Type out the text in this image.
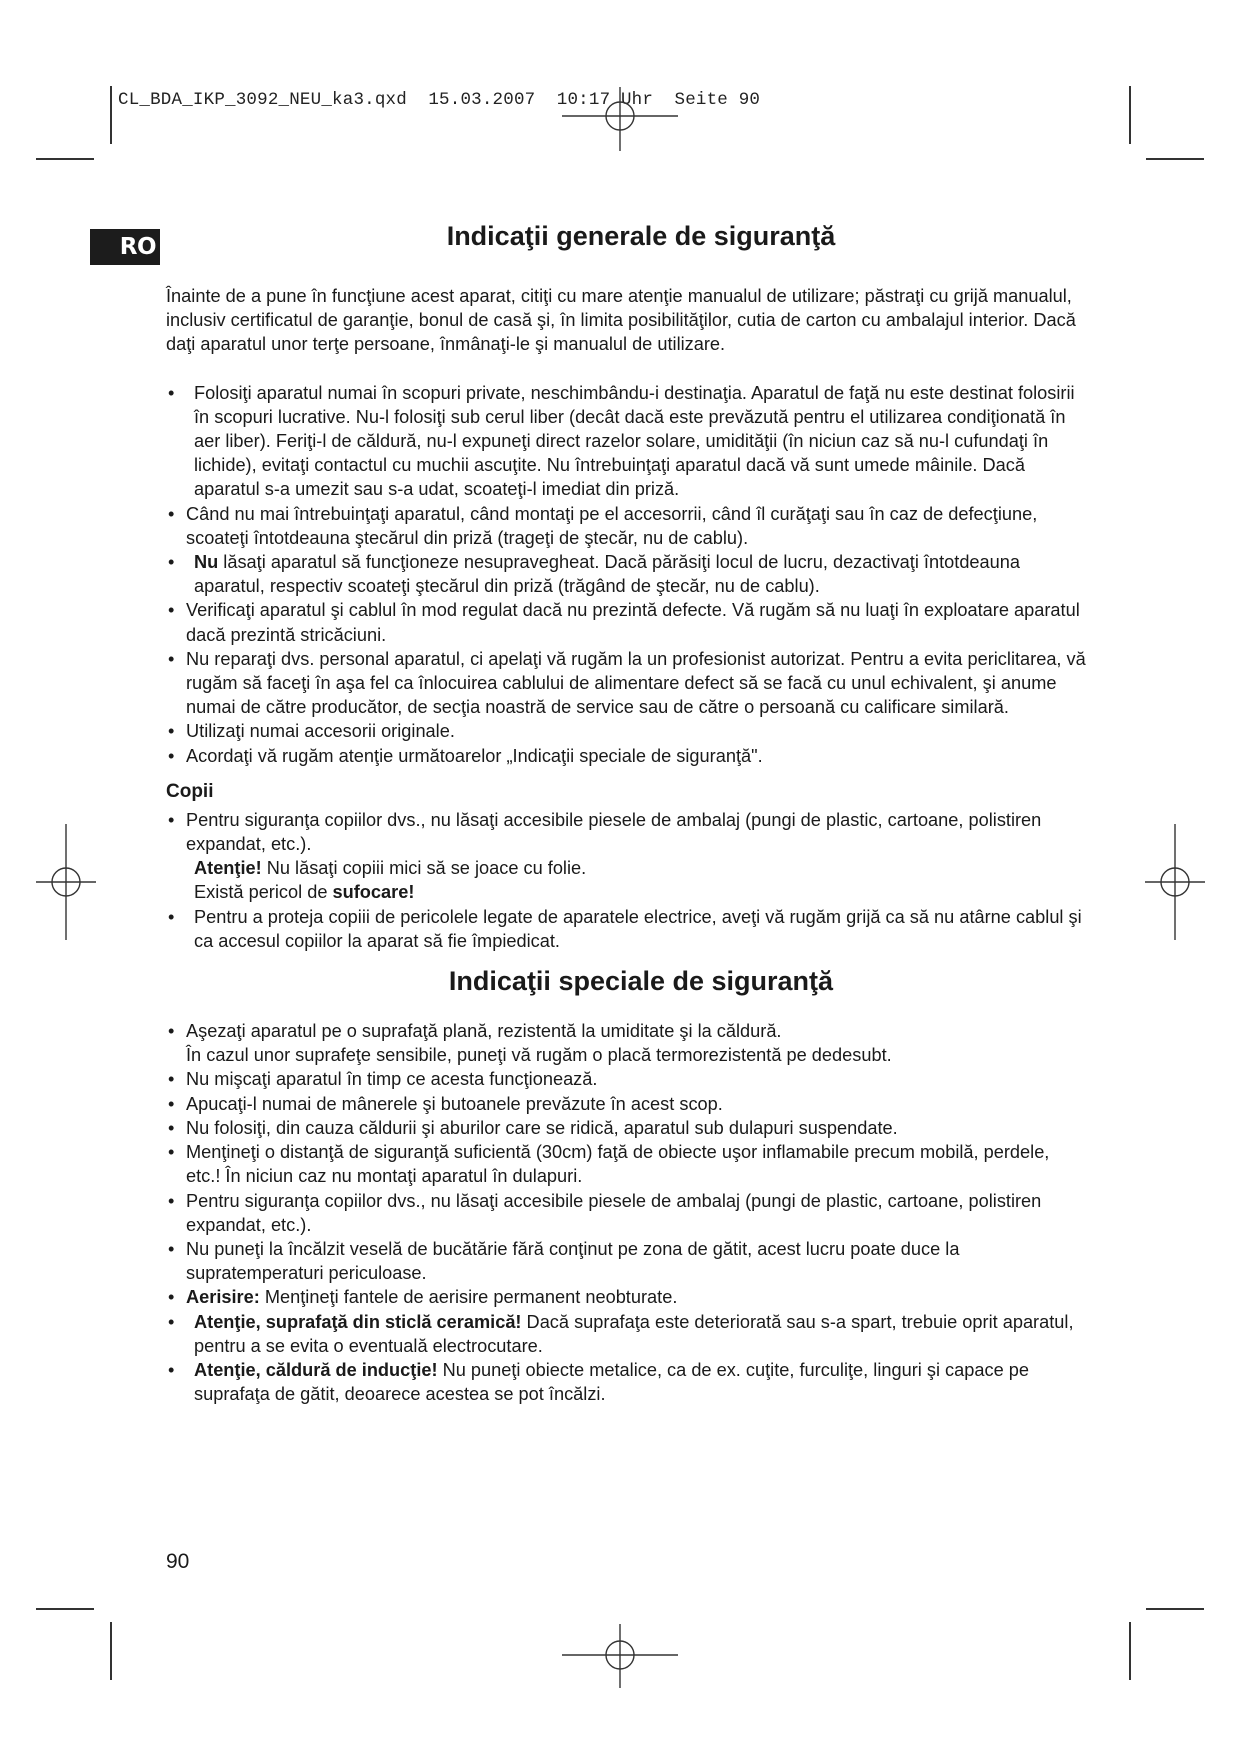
CL_BDA_IKP_3092_NEU_ka3.qxd  15.03.2007  10:17 Uhr  Seite 90
RO	Indicaţii generale de siguranţă

Înainte de a pune în funcţiune acest aparat, citiţi cu mare atenţie manualul de utilizare; păstraţi cu grijă manualul, inclusiv certificatul de garanţie, bonul de casă şi, în limita posibilităţilor, cutia de carton cu ambalajul interior. Dacă daţi aparatul unor terţe persoane, înmânaţi-le şi manualul de utilizare.

• Folosiţi aparatul numai în scopuri private, neschimbându-i destinaţia. Aparatul de faţă nu este destinat folosirii în scopuri lucrative. Nu-l folosiţi sub cerul liber (decât dacă este prevăzută pentru el utilizarea condiţionată în aer liber). Feriţi-l de căldură, nu-l expuneţi direct razelor solare, umidităţii (în niciun caz să nu-l cufundaţi în lichide), evitaţi contactul cu muchii ascuţite. Nu întrebuinţaţi aparatul dacă vă sunt umede mâinile. Dacă aparatul s-a umezit sau s-a udat, scoateţi-l imediat din priză.
• Când nu mai întrebuinţaţi aparatul, când montaţi pe el accesorrii, când îl curăţaţi sau în caz de defecţiune, scoateţi întotdeauna ştecărul din priză (trageţi de ştecăr, nu de cablu).
• Nu lăsaţi aparatul să funcţioneze nesupravegheat. Dacă părăsiţi locul de lucru, dezactivaţi întotdeauna aparatul, respectiv scoateţi ştecărul din priză (trăgând de ştecăr, nu de cablu).
• Verificaţi aparatul şi cablul în mod regulat dacă nu prezintă defecte. Vă rugăm să nu luaţi în exploatare aparatul dacă prezintă stricăciuni.
• Nu reparaţi dvs. personal aparatul, ci apelaţi vă rugăm la un profesionist autorizat. Pentru a evita periclitarea, vă rugăm să faceţi în aşa fel ca înlocuirea cablului de alimentare defect să se facă cu unul echivalent, şi anume numai de către producător, de secţia noastră de service sau de către o persoană cu calificare similară.
• Utilizaţi numai accesorii originale.
• Acordaţi vă rugăm atenţie următoarelor „Indicaţii speciale de siguranţă".
Copii
• Pentru siguranţa copiilor dvs., nu lăsaţi accesibile piesele de ambalaj (pungi de plastic, cartoane, polistiren expandat, etc.).
Atenţie! Nu lăsaţi copiii mici să se joace cu folie.
Există pericol de sufocare!
• Pentru a proteja copiii de pericolele legate de aparatele electrice, aveţi vă rugăm grijă ca să nu atârne cablul şi ca accesul copiilor la aparat să fie împiedicat.
Indicaţii speciale de siguranţă
• Aşezaţi aparatul pe o suprafaţă plană, rezistentă la umiditate şi la căldură.
În cazul unor suprafeţe sensibile, puneţi vă rugăm o placă termorezistentă pe dedesubt.
• Nu mişcaţi aparatul în timp ce acesta funcţionează.
• Apucaţi-l numai de mânerele şi butoanele prevăzute în acest scop.
• Nu folosiţi, din cauza căldurii şi aburilor care se ridică, aparatul sub dulapuri suspendate.
• Menţineţi o distanţă de siguranţă suficientă (30cm) faţă de obiecte uşor inflamabile precum mobilă, perdele, etc.! În niciun caz nu montaţi aparatul în dulapuri.
• Pentru siguranţa copiilor dvs., nu lăsaţi accesibile piesele de ambalaj (pungi de plastic, cartoane, polistiren expandat, etc.).
• Nu puneţi la încălzit veselă de bucătărie fără conţinut pe zona de gătit, acest lucru poate duce la supratemperaturi periculoase.
• Aerisire: Menţineţi fantele de aerisire permanent neobturate.
• Atenţie, suprafaţă din sticlă ceramică! Dacă suprafaţa este deteriorată sau s-a spart, trebuie oprit aparatul, pentru a se evita o eventuală electrocutare.
• Atenţie, căldură de inducţie! Nu puneţi obiecte metalice, ca de ex. cuţite, furculiţe, linguri şi capace pe suprafaţa de gătit, deoarece acestea se pot încălzi.
90
